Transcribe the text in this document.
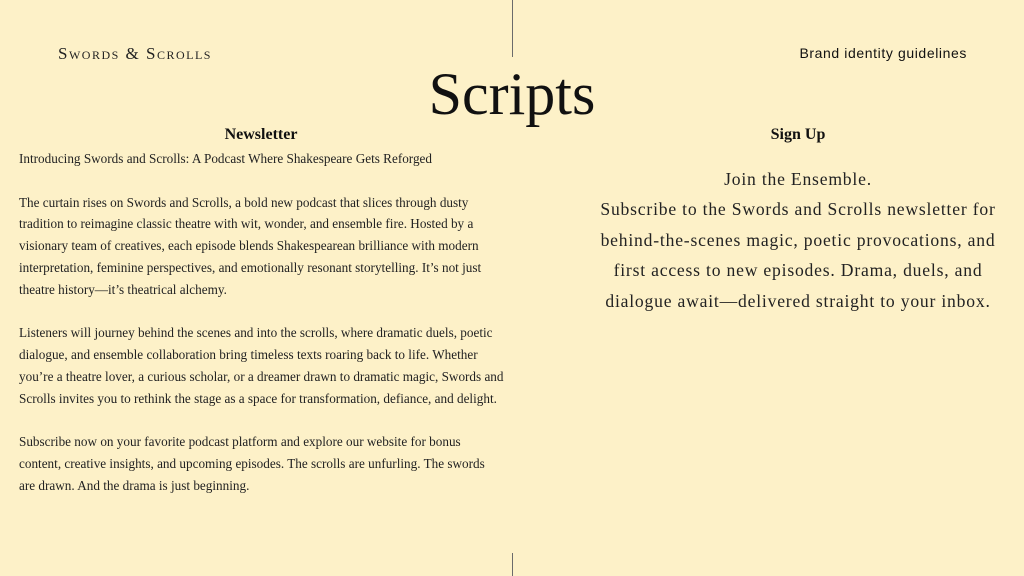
Swords & Scrolls	Brand identity guidelines
Scripts
Newsletter	Sign Up

Introducing Swords and Scrolls: A Podcast Where Shakespeare Gets Reforged

The curtain rises on Swords and Scrolls, a bold new podcast that slices through dusty tradition to reimagine classic theatre with wit, wonder, and ensemble fire. Hosted by a visionary team of creatives, each episode blends Shakespearean brilliance with modern interpretation, feminine perspectives, and emotionally resonant storytelling. It’s not just theatre history—it’s theatrical alchemy.

Listeners will journey behind the scenes and into the scrolls, where dramatic duels, poetic dialogue, and ensemble collaboration bring timeless texts roaring back to life. Whether you’re a theatre lover, a curious scholar, or a dreamer drawn to dramatic magic, Swords and Scrolls invites you to rethink the stage as a space for transformation, defiance, and delight.

Subscribe now on your favorite podcast platform and explore our website for bonus content, creative insights, and upcoming episodes. The scrolls are unfurling. The swords are drawn. And the drama is just beginning.

Join the Ensemble.
Subscribe to the Swords and Scrolls newsletter for behind-the-scenes magic, poetic provocations, and first access to new episodes. Drama, duels, and dialogue await—delivered straight to your inbox.
